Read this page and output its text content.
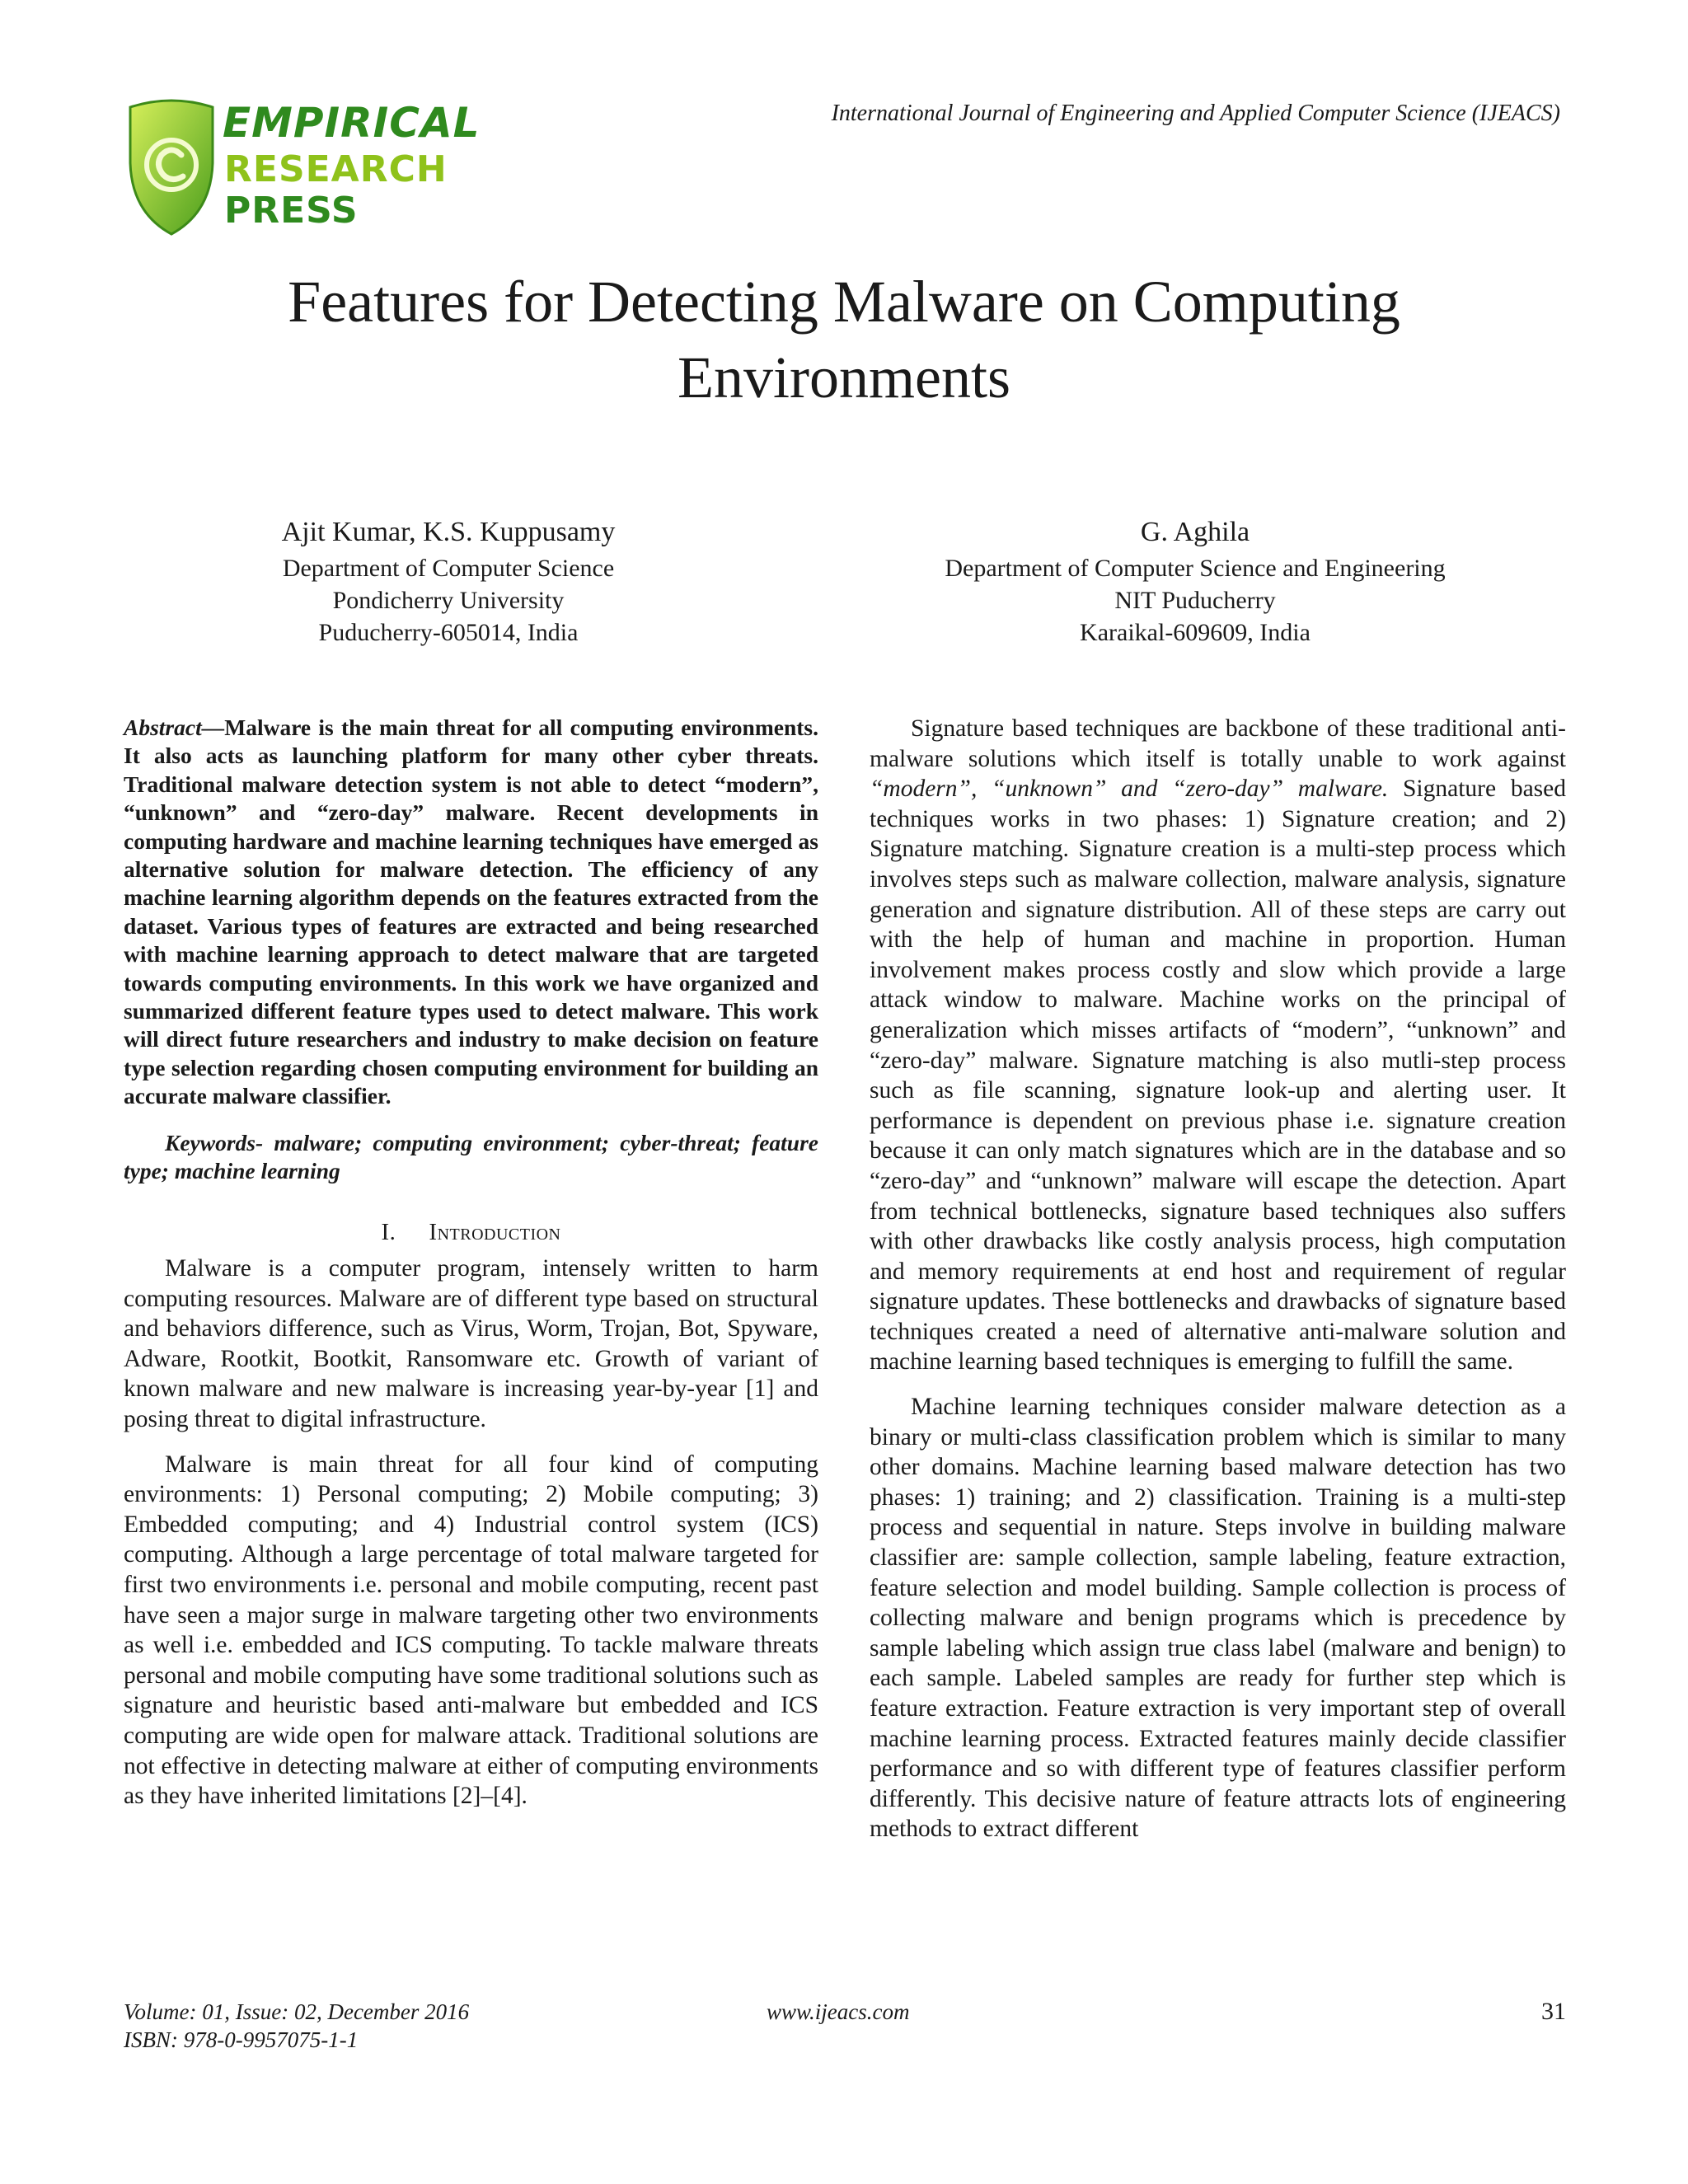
EMPIRICAL
RESEARCH
PRESS
International Journal of Engineering and Applied Computer Science (IJEACS)
Features for Detecting Malware on Computing Environments
Ajit Kumar, K.S. Kuppusamy
Department of Computer Science
Pondicherry University
Puducherry-605014, India
G. Aghila
Department of Computer Science and Engineering
NIT Puducherry
Karaikal-609609, India

Abstract—Malware is the main threat for all computing environments. It also acts as launching platform for many other cyber threats. Traditional malware detection system is not able to detect “modern”, “unknown” and “zero-day” malware. Recent developments in computing hardware and machine learning techniques have emerged as alternative solution for malware detection. The efficiency of any machine learning algorithm depends on the features extracted from the dataset. Various types of features are extracted and being researched with machine learning approach to detect malware that are targeted towards computing environments. In this work we have organized and summarized different feature types used to detect malware. This work will direct future researchers and industry to make decision on feature type selection regarding chosen computing environment for building an accurate malware classifier.

Keywords- malware; computing environment; cyber-threat; feature type; machine learning

I. Introduction

Malware is a computer program, intensely written to harm computing resources. Malware are of different type based on structural and behaviors difference, such as Virus, Worm, Trojan, Bot, Spyware, Adware, Rootkit, Bootkit, Ransomware etc. Growth of variant of known malware and new malware is increasing year-by-year [1] and posing threat to digital infrastructure.

Malware is main threat for all four kind of computing environments: 1) Personal computing; 2) Mobile computing; 3) Embedded computing; and 4) Industrial control system (ICS) computing. Although a large percentage of total malware targeted for first two environments i.e. personal and mobile computing, recent past have seen a major surge in malware targeting other two environments as well i.e. embedded and ICS computing. To tackle malware threats personal and mobile computing have some traditional solutions such as signature and heuristic based anti-malware but embedded and ICS computing are wide open for malware attack. Traditional solutions are not effective in detecting malware at either of computing environments as they have inherited limitations [2]–[4].

Signature based techniques are backbone of these traditional anti-malware solutions which itself is totally unable to work against “modern”, “unknown” and “zero-day” malware. Signature based techniques works in two phases: 1) Signature creation; and 2) Signature matching. Signature creation is a multi-step process which involves steps such as malware collection, malware analysis, signature generation and signature distribution. All of these steps are carry out with the help of human and machine in proportion. Human involvement makes process costly and slow which provide a large attack window to malware. Machine works on the principal of generalization which misses artifacts of “modern”, “unknown” and “zero-day” malware. Signature matching is also mutli-step process such as file scanning, signature look-up and alerting user. It performance is dependent on previous phase i.e. signature creation because it can only match signatures which are in the database and so “zero-day” and “unknown” malware will escape the detection. Apart from technical bottlenecks, signature based techniques also suffers with other drawbacks like costly analysis process, high computation and memory requirements at end host and requirement of regular signature updates. These bottlenecks and drawbacks of signature based techniques created a need of alternative anti-malware solution and machine learning based techniques is emerging to fulfill the same.

Machine learning techniques consider malware detection as a binary or multi-class classification problem which is similar to many other domains. Machine learning based malware detection has two phases: 1) training; and 2) classification. Training is a multi-step process and sequential in nature. Steps involve in building malware classifier are: sample collection, sample labeling, feature extraction, feature selection and model building. Sample collection is process of collecting malware and benign programs which is precedence by sample labeling which assign true class label (malware and benign) to each sample. Labeled samples are ready for further step which is feature extraction. Feature extraction is very important step of overall machine learning process. Extracted features mainly decide classifier performance and so with different type of features classifier perform differently. This decisive nature of feature attracts lots of engineering methods to extract different

Volume: 01, Issue: 02, December 2016
ISBN: 978-0-9957075-1-1
www.ijeacs.com	31
